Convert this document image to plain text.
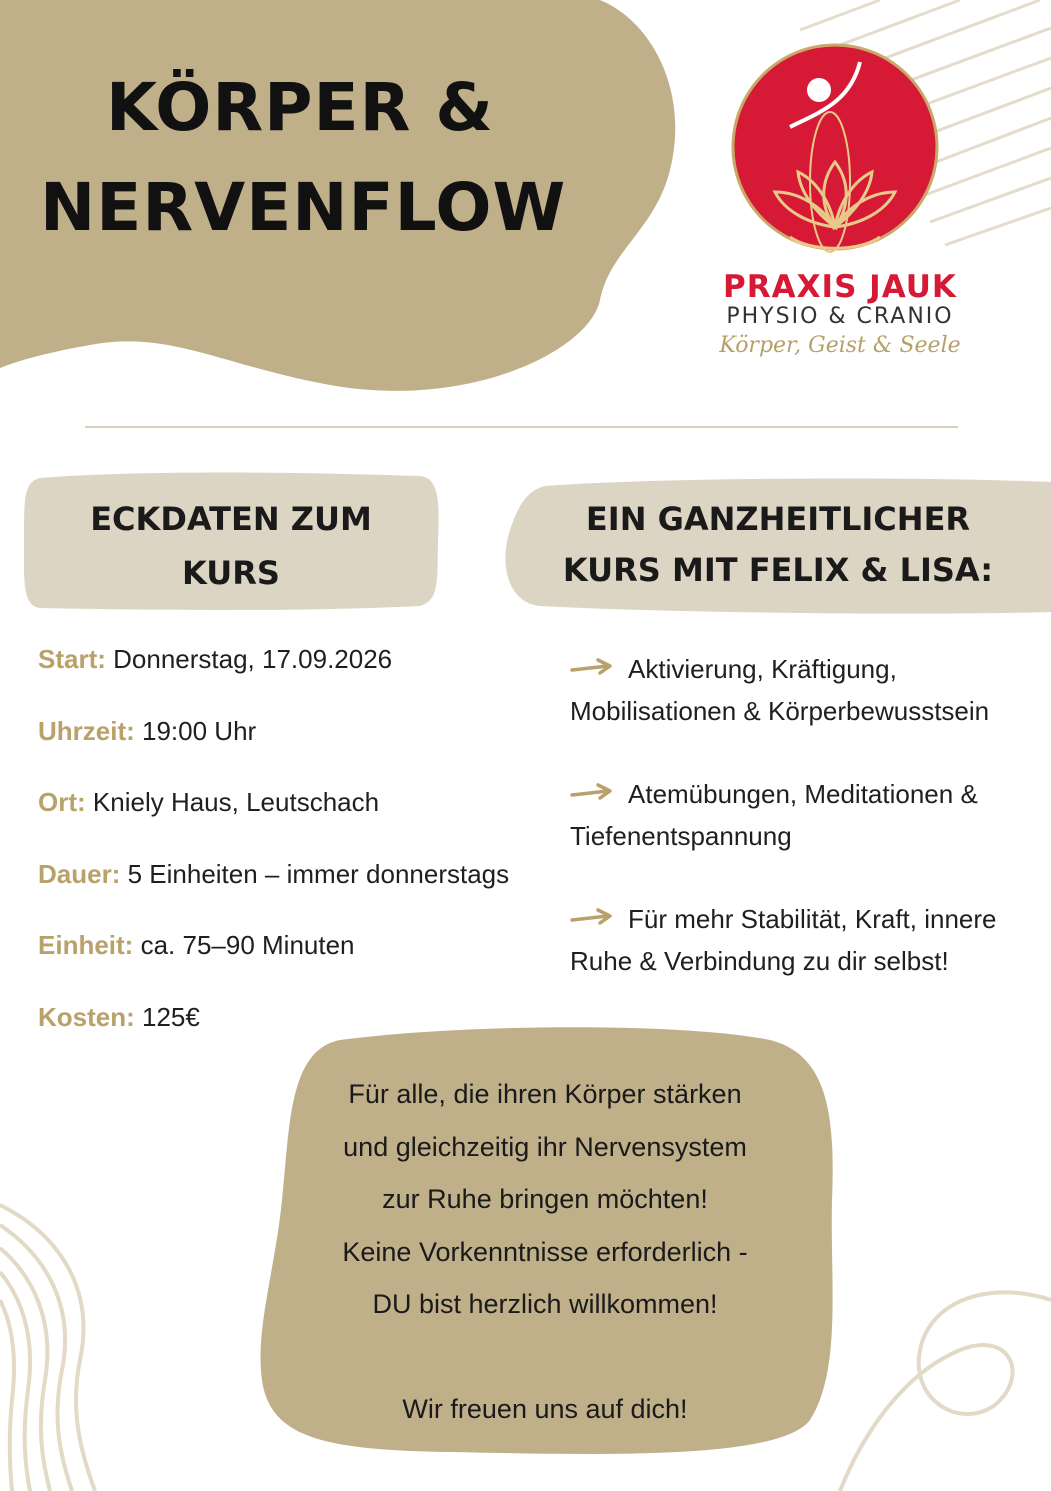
KÖRPER &
NERVENFLOW
PRAXIS JAUK
PHYSIO & CRANIO
Körper, Geist & Seele
ECKDATEN ZUM
KURS
EIN GANZHEITLICHER
KURS MIT FELIX & LISA:
Start: Donnerstag, 17.09.2026
Uhrzeit: 19:00 Uhr
Ort: Kniely Haus, Leutschach
Dauer: 5 Einheiten – immer donnerstags
Einheit: ca. 75–90 Minuten
Kosten: 125€
Aktivierung, Kräftigung,
Mobilisationen & Körperbewusstsein
Atemübungen, Meditationen &
Tiefenentspannung
Für mehr Stabilität, Kraft, innere
Ruhe & Verbindung zu dir selbst!
Für alle, die ihren Körper stärken
und gleichzeitig ihr Nervensystem
zur Ruhe bringen möchten!
Keine Vorkenntnisse erforderlich -
DU bist herzlich willkommen!
Wir freuen uns auf dich!
